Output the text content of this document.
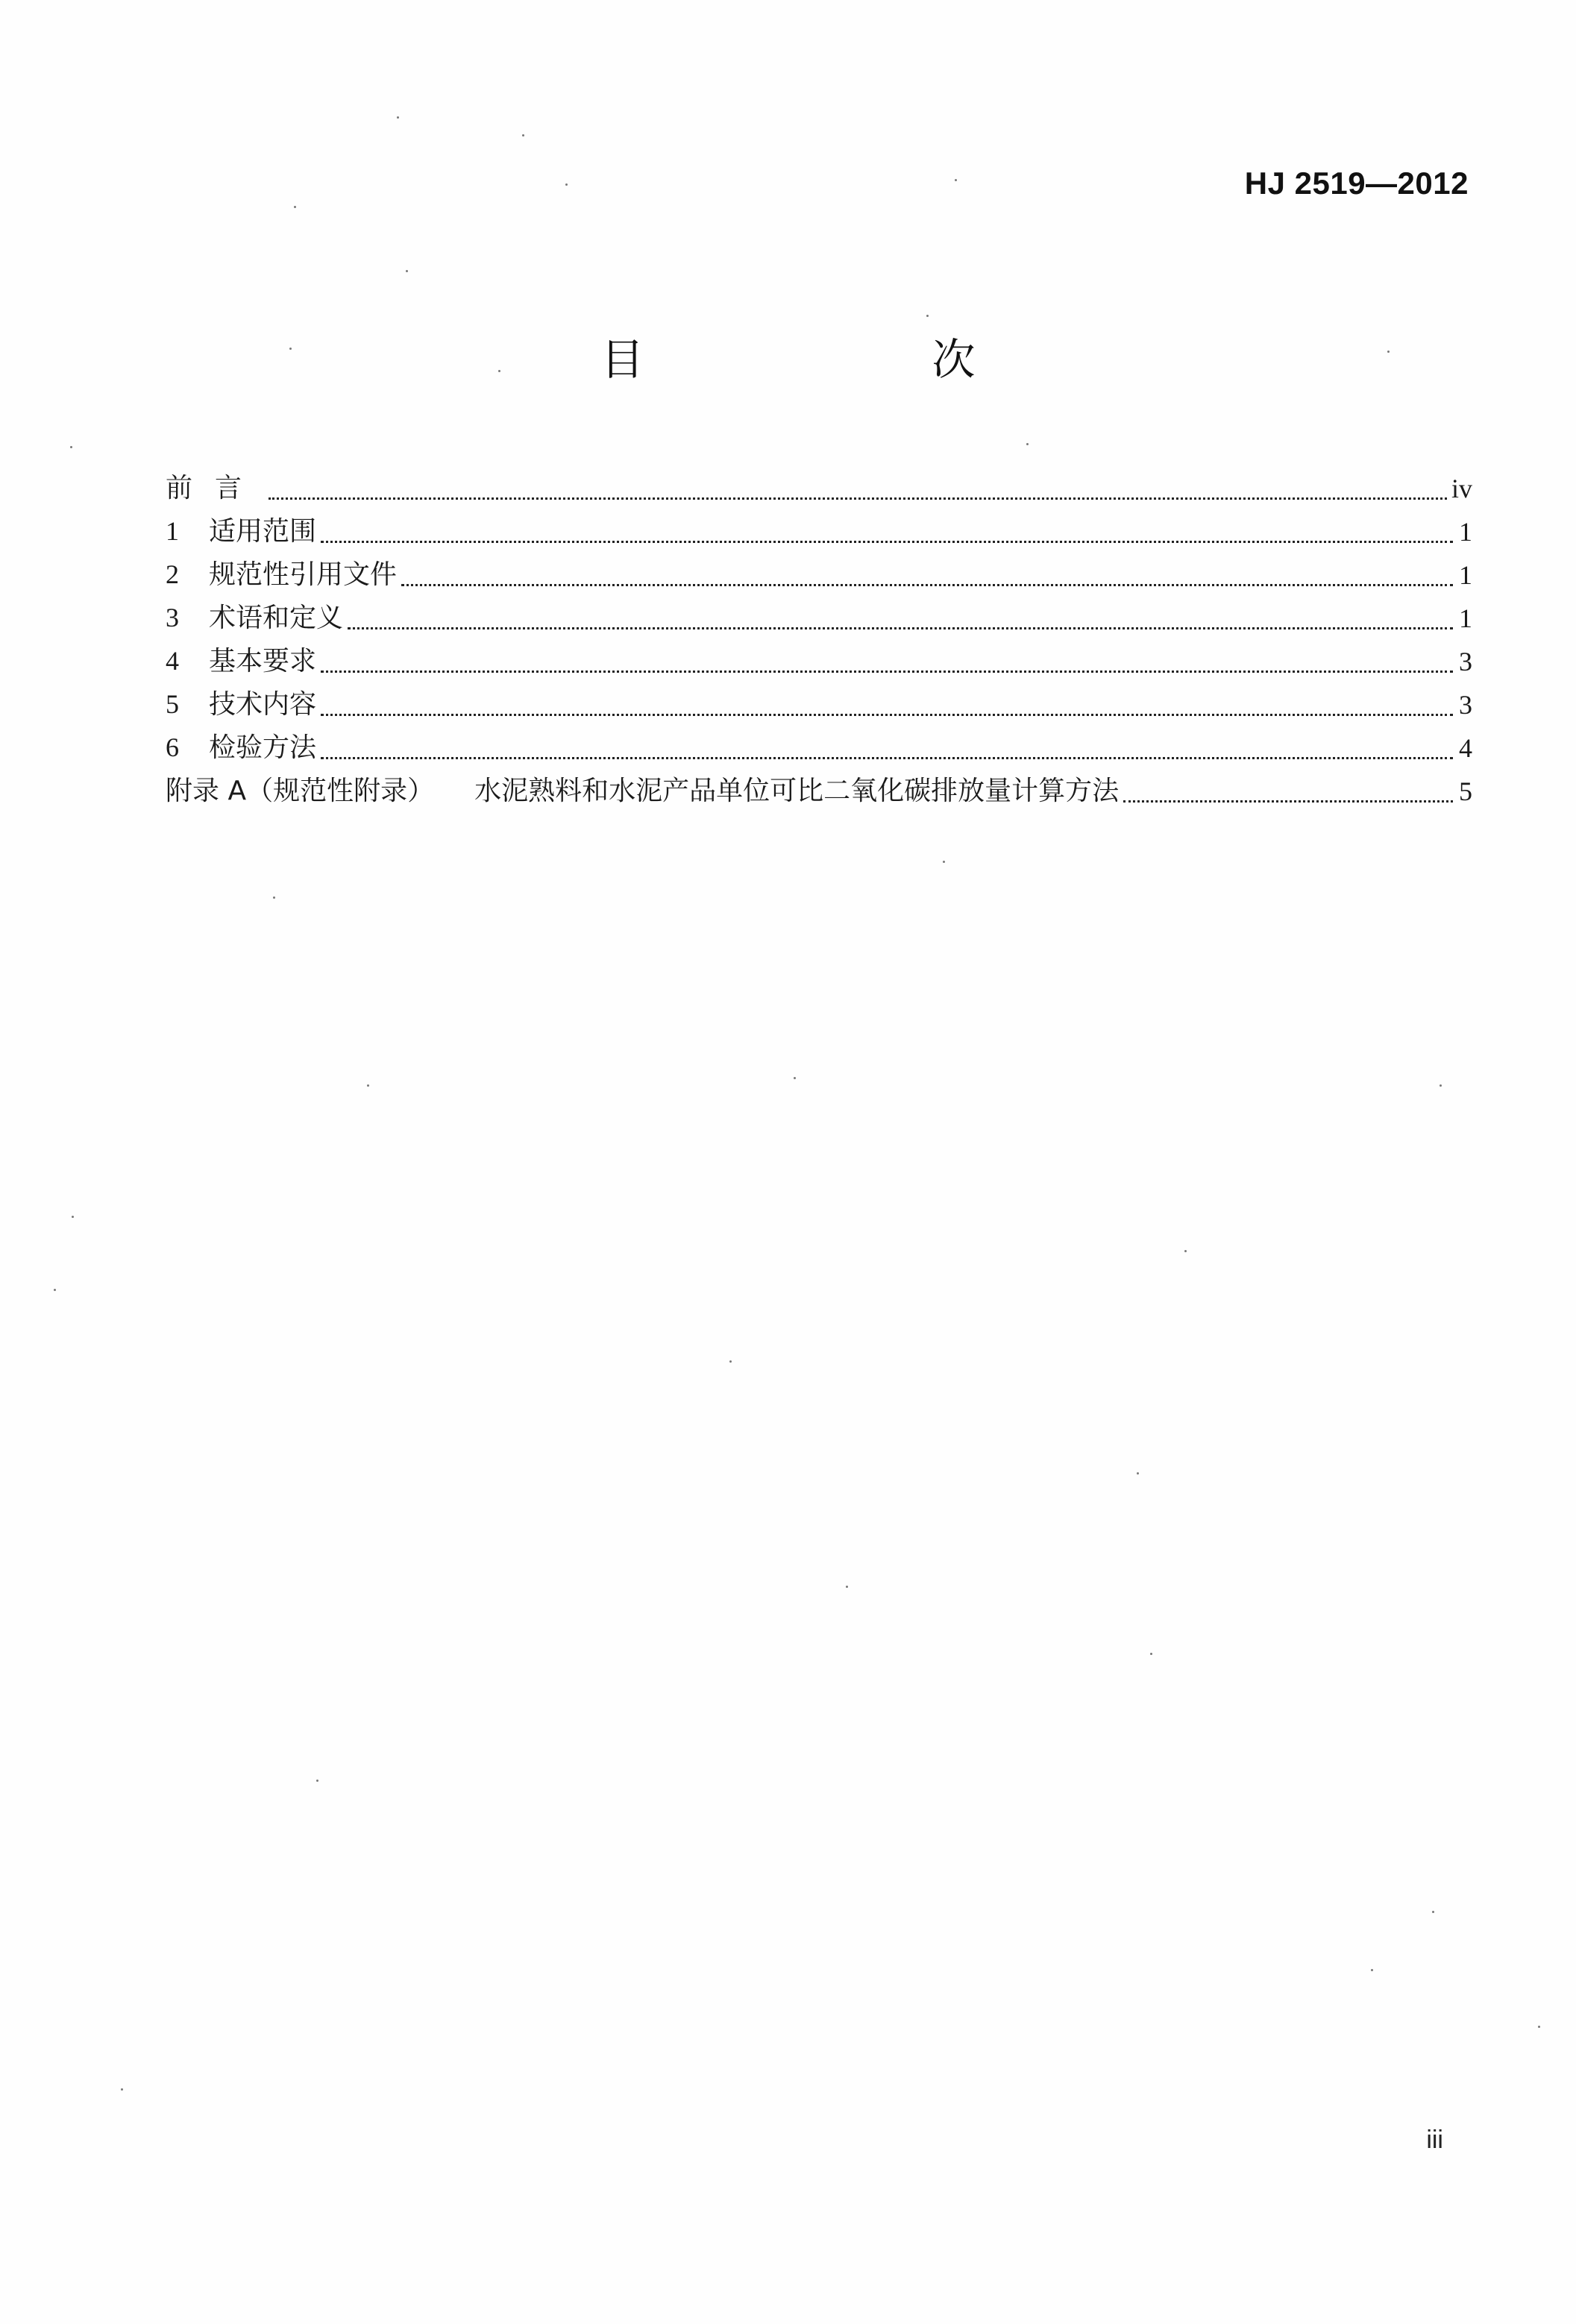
HJ 2519—2012
目　　次
前言	iv
1 适用范围	1
2 规范性引用文件	1
3 术语和定义	1
4 基本要求	3
5 技术内容	3
6 检验方法	4
附录 A（规范性附录） 水泥熟料和水泥产品单位可比二氧化碳排放量计算方法	5
iii
